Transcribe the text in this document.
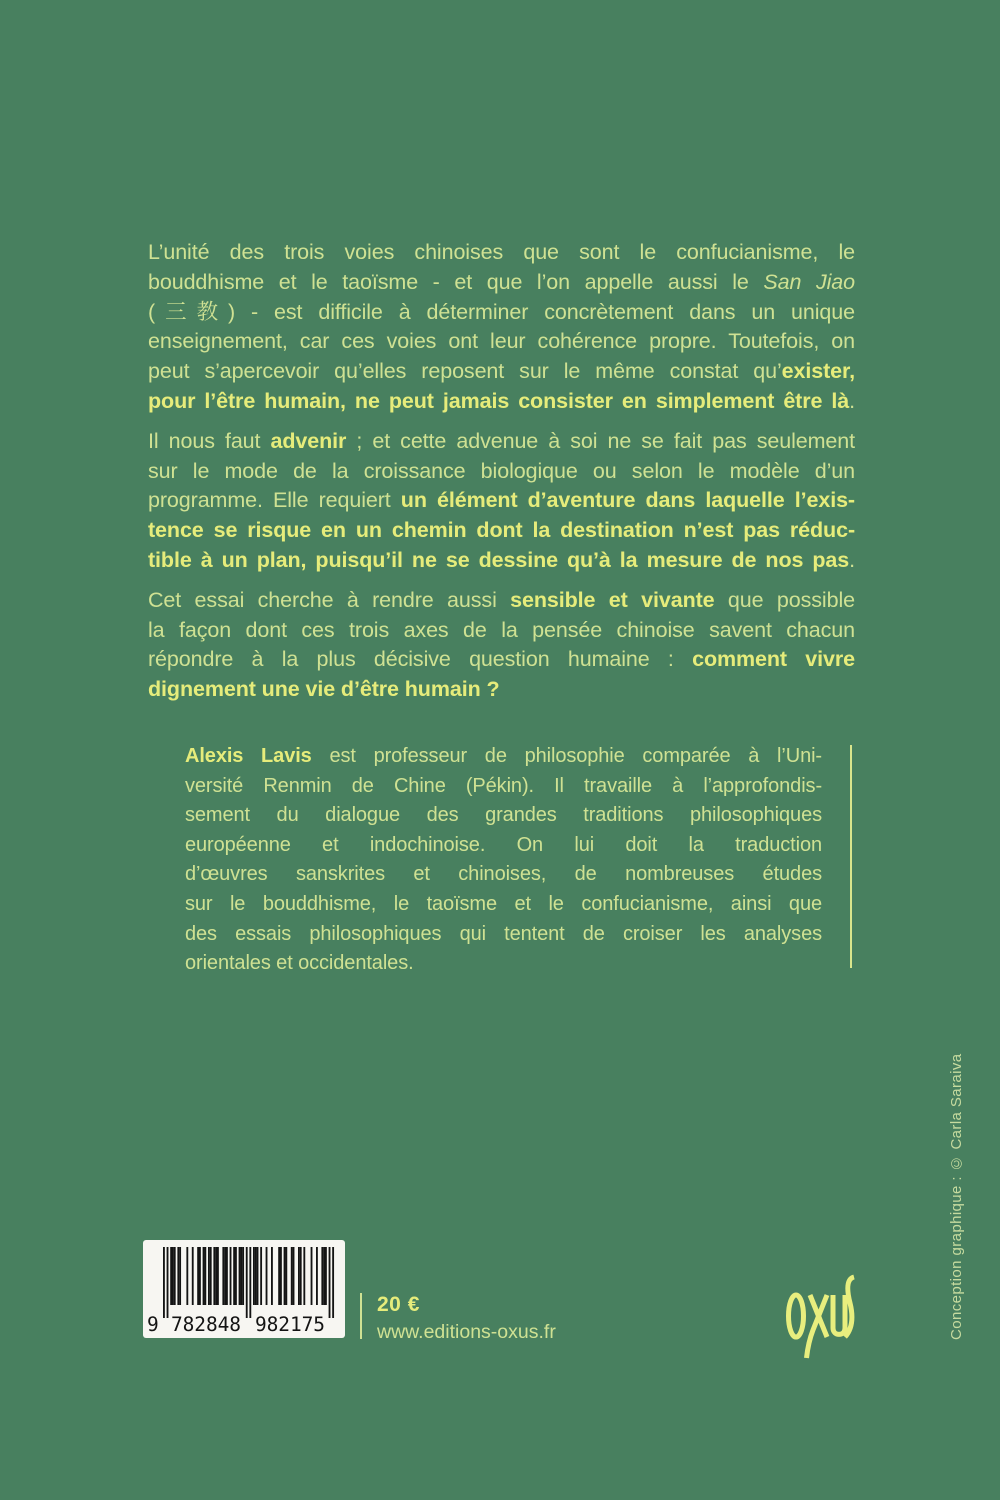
L’unité des trois voies chinoises que sont le confucianisme, le
bouddhisme et le taoïsme - et que l’on appelle aussi le San Jiao
(三教) - est difficile à déterminer concrètement dans un unique
enseignement, car ces voies ont leur cohérence propre. Toutefois, on
peut s’apercevoir qu’elles reposent sur le même constat qu’exister,
pour l’être humain, ne peut jamais consister en simplement être là.
Il nous faut advenir ; et cette advenue à soi ne se fait pas seulement
sur le mode de la croissance biologique ou selon le modèle d’un
programme. Elle requiert un élément d’aventure dans laquelle l’exis-
tence se risque en un chemin dont la destination n’est pas réduc-
tible à un plan, puisqu’il ne se dessine qu’à la mesure de nos pas.
Cet essai cherche à rendre aussi sensible et vivante que possible
la façon dont ces trois axes de la pensée chinoise savent chacun
répondre à la plus décisive question humaine : comment vivre
dignement une vie d’être humain ?
Alexis Lavis est professeur de philosophie comparée à l’Uni-
versité Renmin de Chine (Pékin). Il travaille à l’approfondis-
sement du dialogue des grandes traditions philosophiques
européenne et indochinoise. On lui doit la traduction
d’œuvres sanskrites et chinoises, de nombreuses études
sur le bouddhisme, le taoïsme et le confucianisme, ainsi que
des essais philosophiques qui tentent de croiser les analyses
orientales et occidentales.
9 782848 982175
20 €
www.editions-oxus.fr	Conception graphique : © Carla Saraiva
